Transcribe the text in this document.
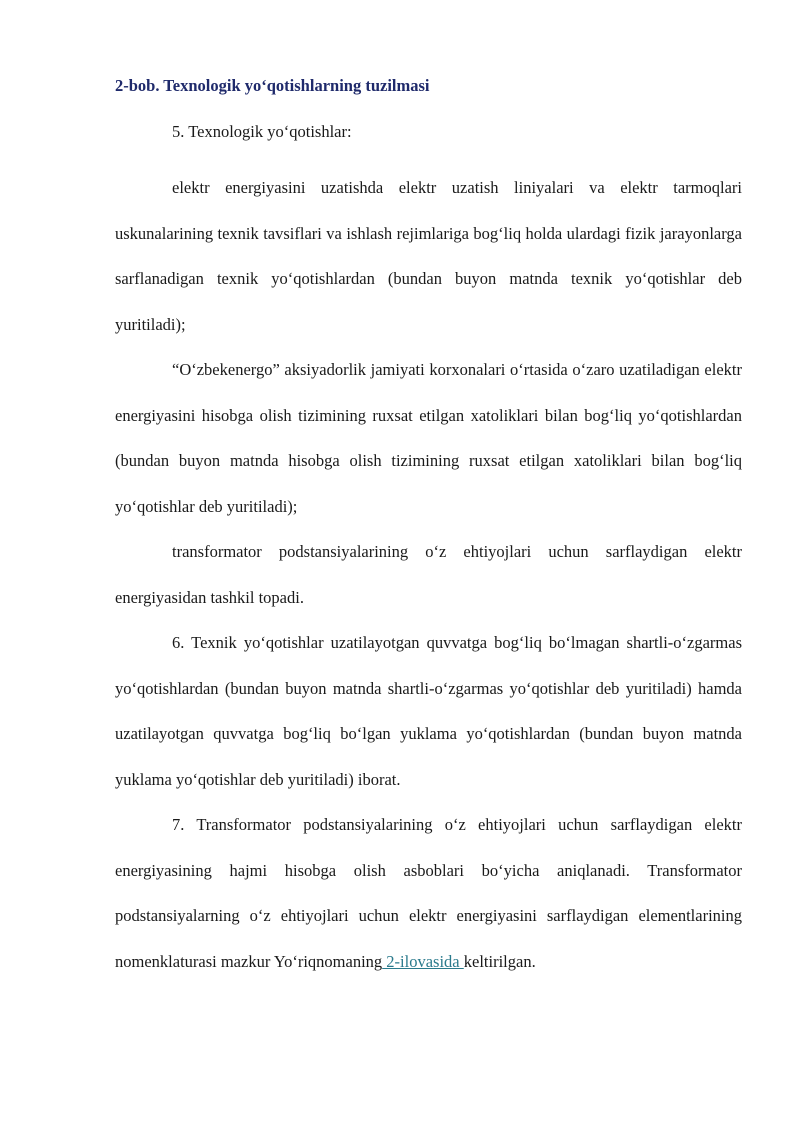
2-bob. Texnologik yo‘qotishlarning tuzilmasi

5. Texnologik yo‘qotishlar:

elektr energiyasini uzatishda elektr uzatish liniyalari va elektr tarmoqlari uskunalarining texnik tavsiflari va ishlash rejimlariga bog‘liq holda ulardagi fizik jarayonlarga sarflanadigan texnik yo‘qotishlardan (bundan buyon matnda texnik yo‘qotishlar deb yuritiladi);

“O‘zbekenergo” aksiyadorlik jamiyati korxonalari o‘rtasida o‘zaro uzatiladigan elektr energiyasini hisobga olish tizimining ruxsat etilgan xatoliklari bilan bog‘liq yo‘qotishlardan (bundan buyon matnda hisobga olish tizimining ruxsat etilgan xatoliklari bilan bog‘liq yo‘qotishlar deb yuritiladi);

transformator podstansiyalarining o‘z ehtiyojlari uchun sarflaydigan elektr energiyasidan tashkil topadi.

6. Texnik yo‘qotishlar uzatilayotgan quvvatga bog‘liq bo‘lmagan shartli-o‘zgarmas yo‘qotishlardan (bundan buyon matnda shartli-o‘zgarmas yo‘qotishlar deb yuritiladi) hamda uzatilayotgan quvvatga bog‘liq bo‘lgan yuklama yo‘qotishlardan (bundan buyon matnda yuklama yo‘qotishlar deb yuritiladi) iborat.

7. Transformator podstansiyalarining o‘z ehtiyojlari uchun sarflaydigan elektr energiyasining hajmi hisobga olish asboblari bo‘yicha aniqlanadi. Transformator podstansiyalarning o‘z ehtiyojlari uchun elektr energiyasini sarflaydigan elementlarining nomenklaturasi mazkur Yo‘riqnomaning 2-ilovasida keltirilgan.
